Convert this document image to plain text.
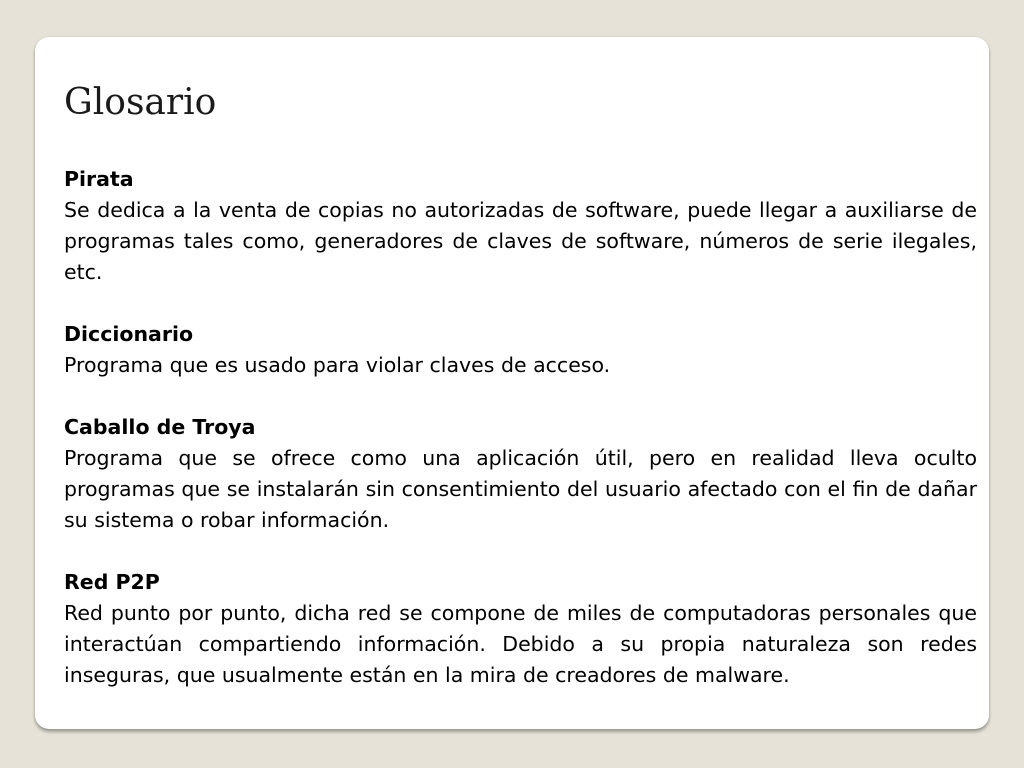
Glosario

Pirata

Se dedica a la venta de copias no autorizadas de software, puede llegar a auxiliarse de programas tales como, generadores de claves de software, números de serie ilegales, etc.

Diccionario

Programa que es usado para violar claves de acceso.

Caballo de Troya

Programa que se ofrece como una aplicación útil, pero en realidad lleva oculto programas que se instalarán sin consentimiento del usuario afectado con el fin de dañar su sistema o robar información.

Red P2P

Red punto por punto, dicha red se compone de miles de computadoras personales que interactúan compartiendo información. Debido a su propia naturaleza son redes inseguras, que usualmente están en la mira de creadores de malware.
